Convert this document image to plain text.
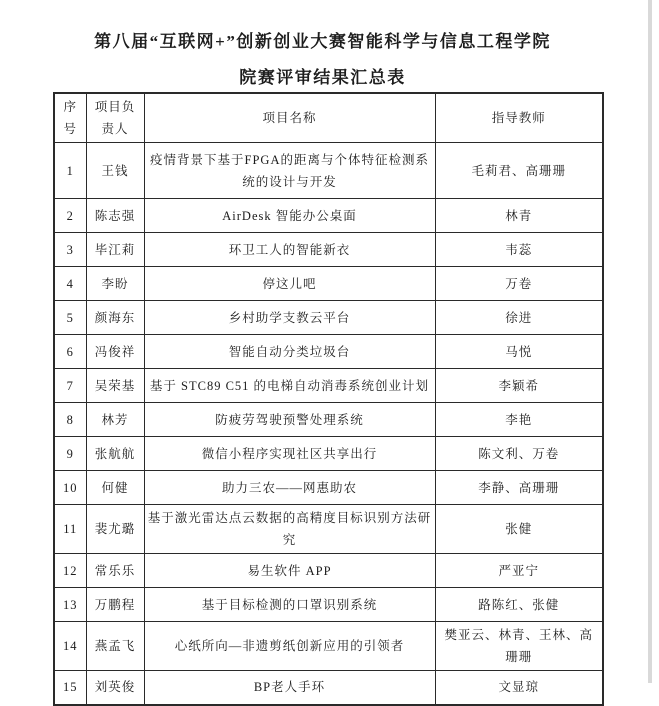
第八届“互联网+”创新创业大赛智能科学与信息工程学院
院赛评审结果汇总表
序号	项目负责人	项目名称	指导教师
1	王钱	疫情背景下基于FPGA的距离与个体特征检测系统的设计与开发	毛莉君、高珊珊
2	陈志强	AirDesk 智能办公桌面	林青
3	毕江莉	环卫工人的智能新衣	韦蕊
4	李盼	停这儿吧	万卷
5	颜海东	乡村助学支教云平台	徐进
6	冯俊祥	智能自动分类垃圾台	马悦
7	吴荣基	基于 STC89 C51 的电梯自动消毒系统创业计划	李颖希
8	林芳	防疲劳驾驶预警处理系统	李艳
9	张航航	微信小程序实现社区共享出行	陈文利、万卷
10	何健	助力三农——网惠助农	李静、高珊珊
11	裴尤璐	基于激光雷达点云数据的高精度目标识别方法研究	张健
12	常乐乐	易生软件 APP	严亚宁
13	万鹏程	基于目标检测的口罩识别系统	路陈红、张健
14	燕孟飞	心纸所向—非遗剪纸创新应用的引领者	樊亚云、林青、王林、高珊珊
15	刘英俊	BP老人手环	文显琼
